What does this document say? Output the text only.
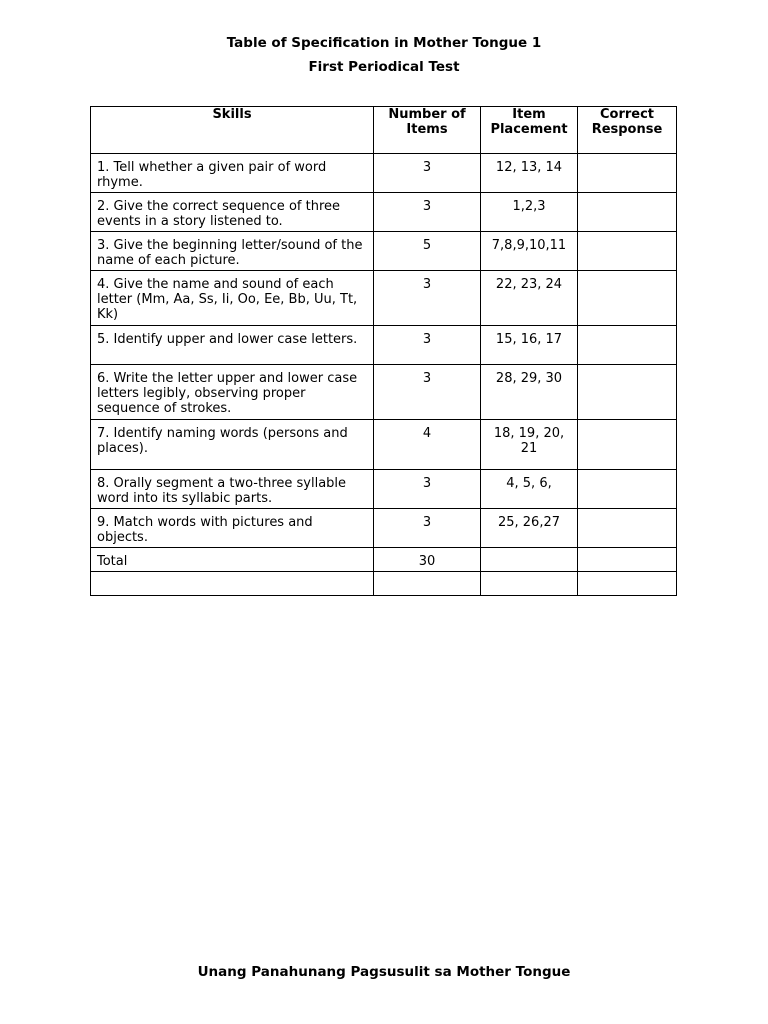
Table of Specification in Mother Tongue 1
First Periodical Test
Skills	Number of Items	Item Placement	Correct Response
1. Tell whether a given pair of word rhyme.	3	12, 13, 14	
2. Give the correct sequence of three events in a story listened to.	3	1,2,3	
3. Give the beginning letter/sound of the name of each picture.	5	7,8,9,10,11	
4. Give the name and sound of each letter (Mm, Aa, Ss, Ii, Oo, Ee, Bb, Uu, Tt, Kk)	3	22, 23, 24	
5. Identify upper and lower case letters.	3	15, 16, 17	
6. Write the letter upper and lower case letters legibly, observing proper sequence of strokes.	3	28, 29, 30	
7. Identify naming words (persons and places).	4	18, 19, 20, 21	
8. Orally segment a two-three syllable word into its syllabic parts.	3	4, 5, 6,	
9. Match words with pictures and objects.	3	25, 26,27	
Total	30		

Unang Panahunang Pagsusulit sa Mother Tongue
